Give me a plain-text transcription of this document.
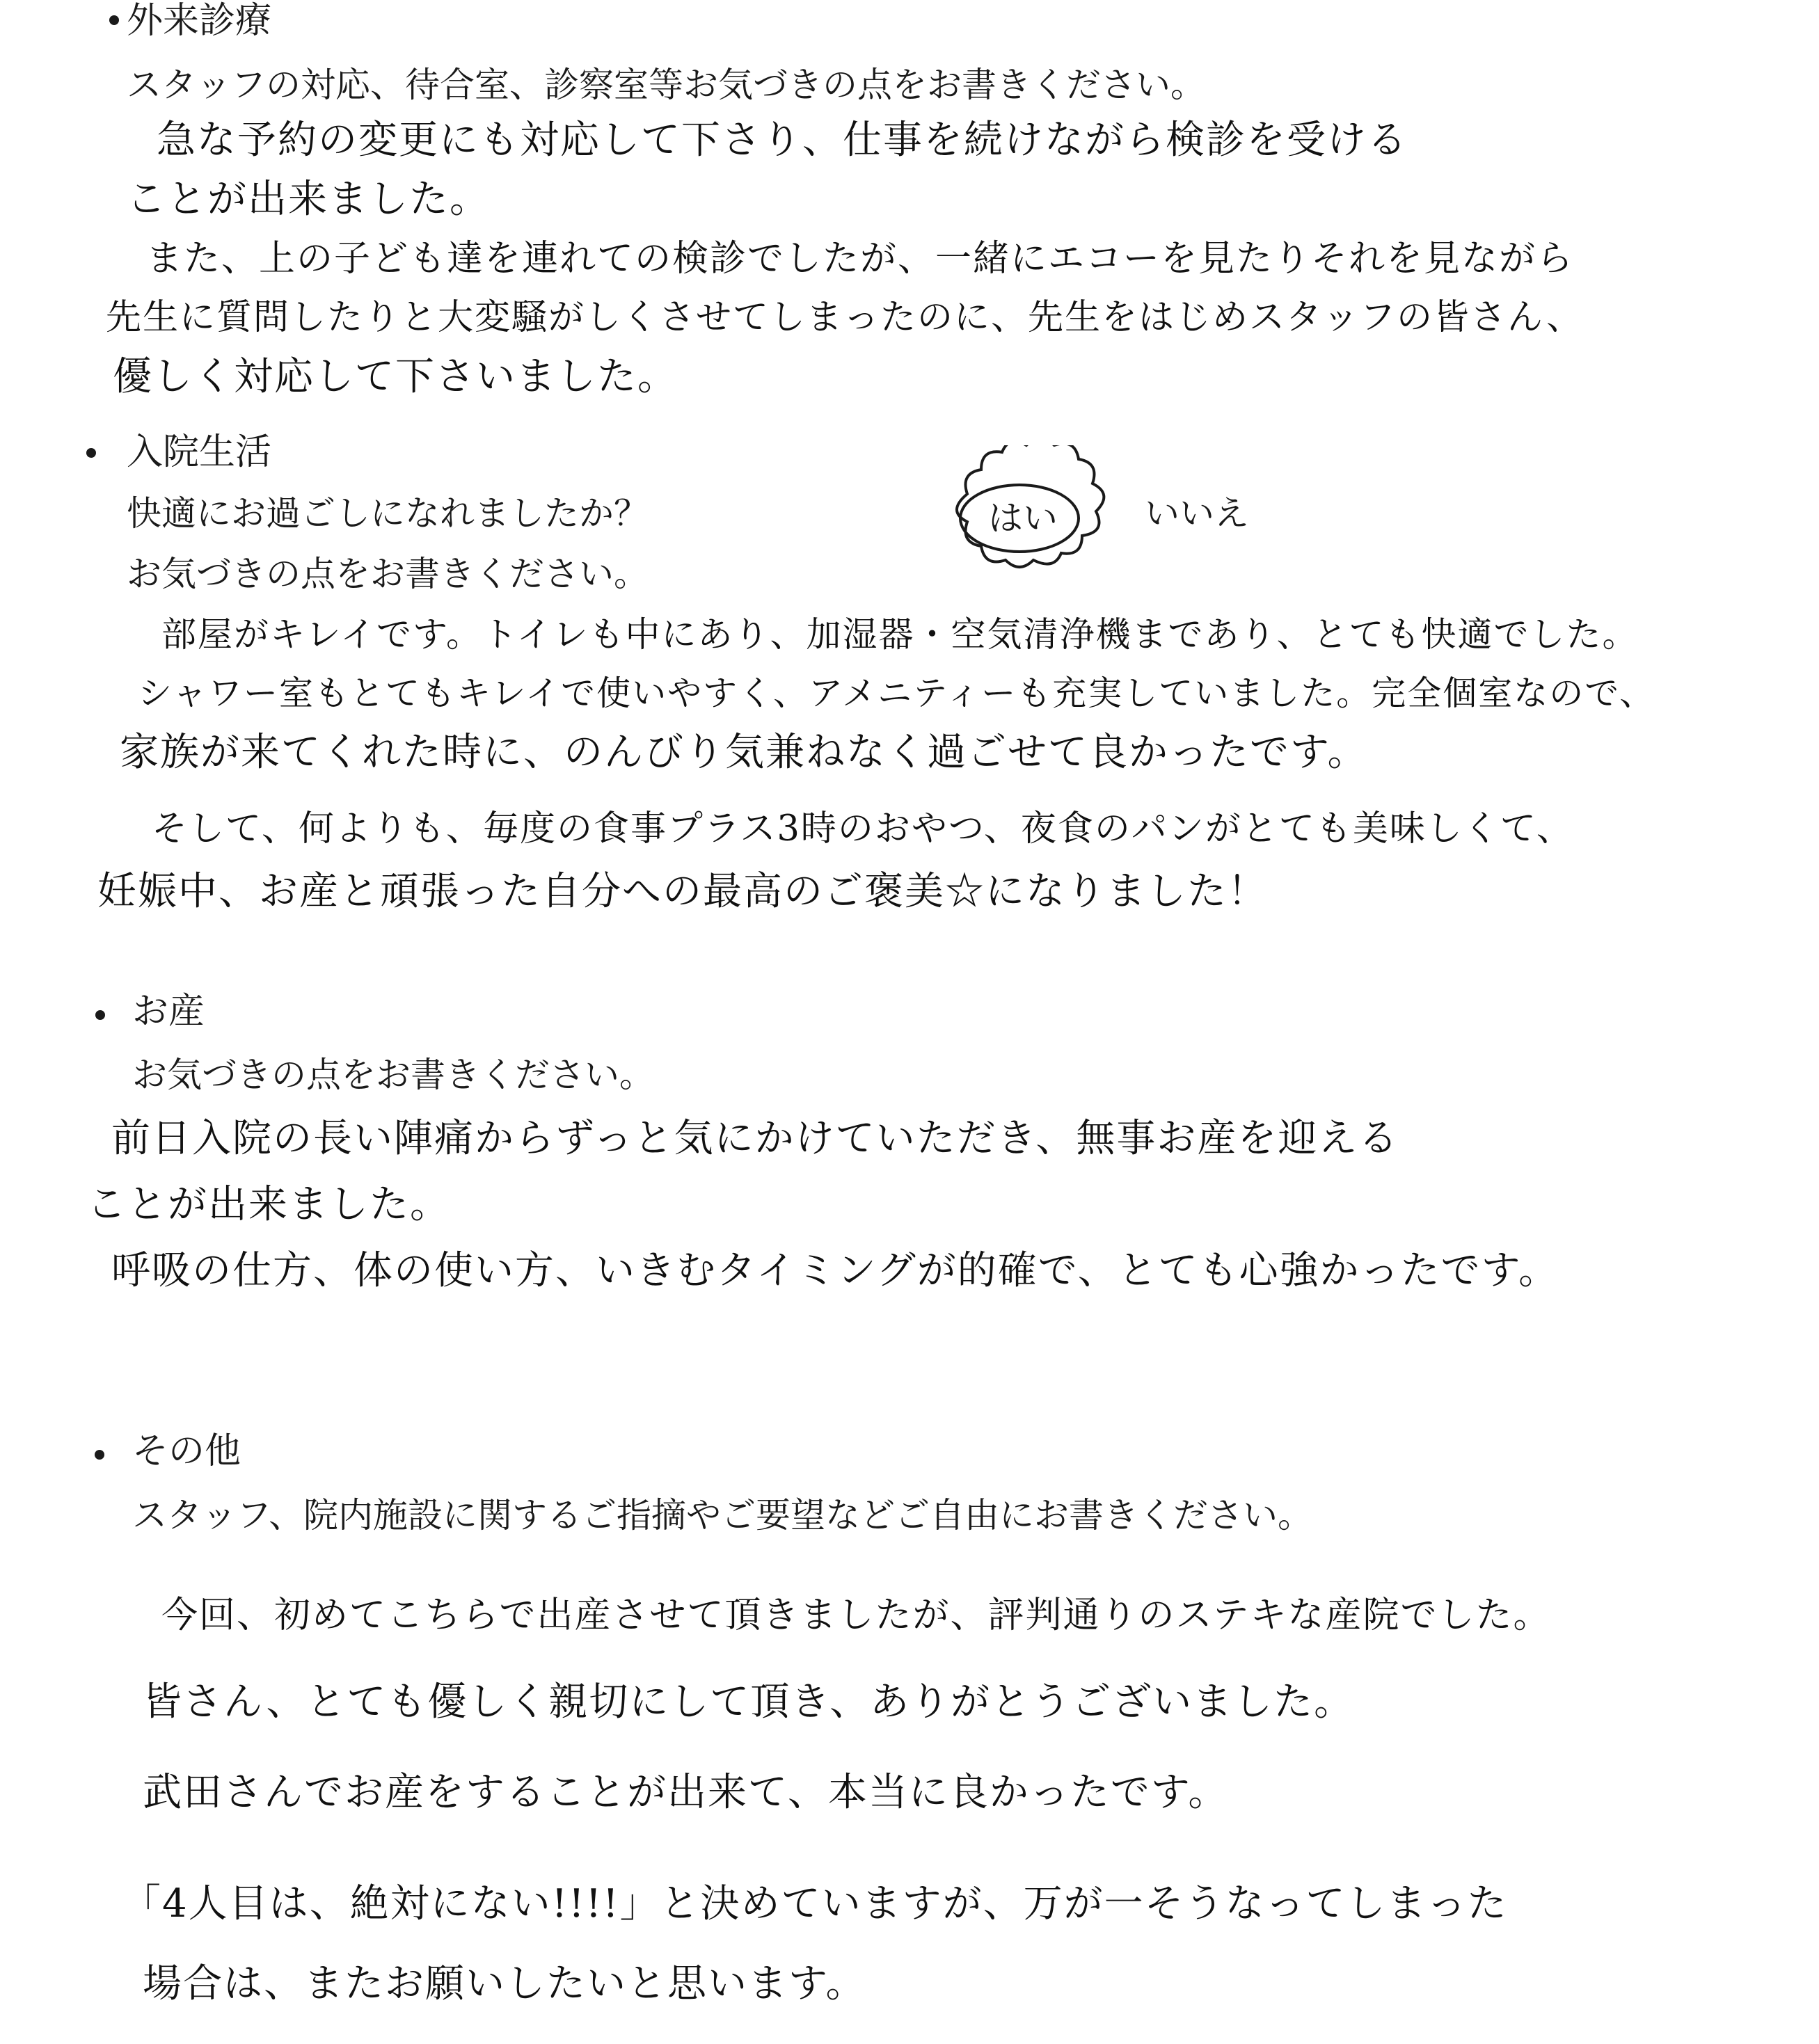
外来診療
スタッフの対応、待合室、診察室等お気づきの点をお書きください。
急な予約の変更にも対応して下さり、仕事を続けながら検診を受ける
ことが出来ました。
また、上の子ども達を連れての検診でしたが、一緒にエコーを見たりそれを見ながら
先生に質問したりと大変騒がしくさせてしまったのに、先生をはじめスタッフの皆さん、
優しく対応して下さいました。
入院生活
快適にお過ごしになれましたか？	はい	いいえ
お気づきの点をお書きください。
部屋がキレイです。トイレも中にあり、加湿器・空気清浄機まであり、とても快適でした。
シャワー室もとてもキレイで使いやすく、アメニティーも充実していました。完全個室なので、
家族が来てくれた時に、のんびり気兼ねなく過ごせて良かったです。
そして、何よりも、毎度の食事プラス3時のおやつ、夜食のパンがとても美味しくて、
妊娠中、お産と頑張った自分への最高のご褒美☆になりました！
お産
お気づきの点をお書きください。
前日入院の長い陣痛からずっと気にかけていただき、無事お産を迎える
ことが出来ました。
呼吸の仕方、体の使い方、いきむタイミングが的確で、とても心強かったです。
その他
スタッフ、院内施設に関するご指摘やご要望などご自由にお書きください。
今回、初めてこちらで出産させて頂きましたが、評判通りのステキな産院でした。
皆さん、とても優しく親切にして頂き、ありがとうございました。
武田さんでお産をすることが出来て、本当に良かったです。
「4人目は、絶対にない!!!!」と決めていますが、万が一そうなってしまった
場合は、またお願いしたいと思います。
